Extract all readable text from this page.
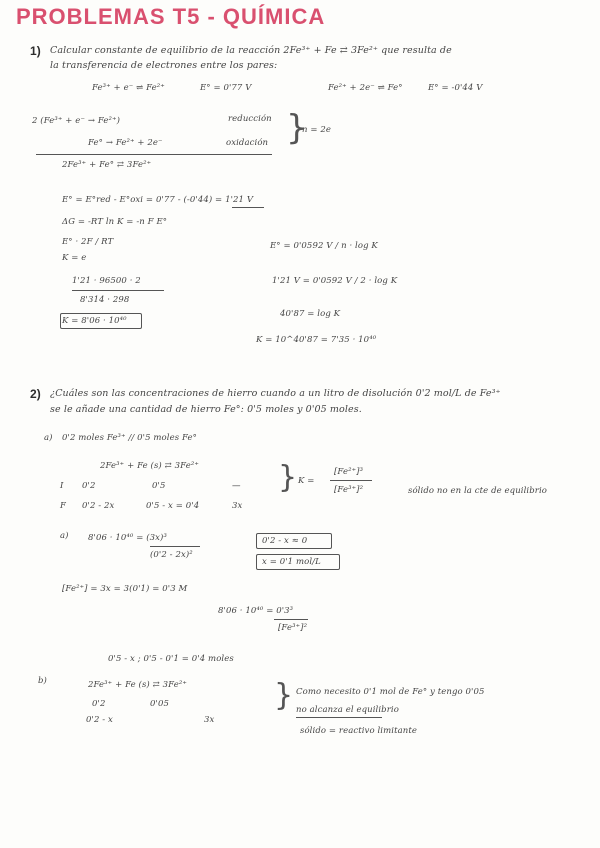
PROBLEMAS T5 - QUÍMICA
1) Calcular constante de equilibrio de la reacción 2Fe³⁺ + Fe ⇄ 3Fe²⁺ que resulta de
la transferencia de electrones entre los pares:
Fe³⁺ + e⁻ ⇌ Fe²⁺	E° = 0'77 V	Fe²⁺ + 2e⁻ ⇌ Fe°	E° = -0'44 V
2 (Fe³⁺ + e⁻ → Fe²⁺)	reducción
Fe° → Fe²⁺ + 2e⁻	oxidación }
n = 2e
2Fe³⁺ + Fe° ⇄ 3Fe²⁺
E° = E°red - E°oxi = 0'77 - (-0'44) = 1'21 V
ΔG = -RT ln K = -n F E°
E° · 2F / RT
K = e
1'21 · 96500 · 2
8'314 · 298
K = 8'06 · 10⁴⁰
E° = 0'0592 V / n · log K
1'21 V = 0'0592 V / 2 · log K
40'87 = log K
K = 10^40'87 = 7'35 · 10⁴⁰
2) ¿Cuáles son las concentraciones de hierro cuando a un litro de disolución 0'2 mol/L de Fe³⁺
se le añade una cantidad de hierro Fe°: 0'5 moles y 0'05 moles.
a) 0'2 moles Fe³⁺ // 0'5 moles Fe°
2Fe³⁺ + Fe (s) ⇄ 3Fe²⁺
I 0'2	0'5	—
F 0'2 - 2x	0'5 - x = 0'4	3x
} K =
[Fe²⁺]³
[Fe³⁺]²	sólido no en la cte de equilibrio
a) 8'06 · 10⁴⁰ = (3x)³
(0'2 - 2x)²
0'2 - x ≈ 0
x = 0'1 mol/L
[Fe²⁺] = 3x = 3(0'1) = 0'3 M
8'06 · 10⁴⁰ = 0'3³
[Fe³⁺]²
0'5 - x ; 0'5 - 0'1 = 0'4 moles
b)	2Fe³⁺ + Fe (s) ⇄ 3Fe²⁺
0'2	0'05
0'2 - x	3x
} Como necesito 0'1 mol de Fe° y tengo 0'05
no alcanza el equilibrio
sólido = reactivo limitante
